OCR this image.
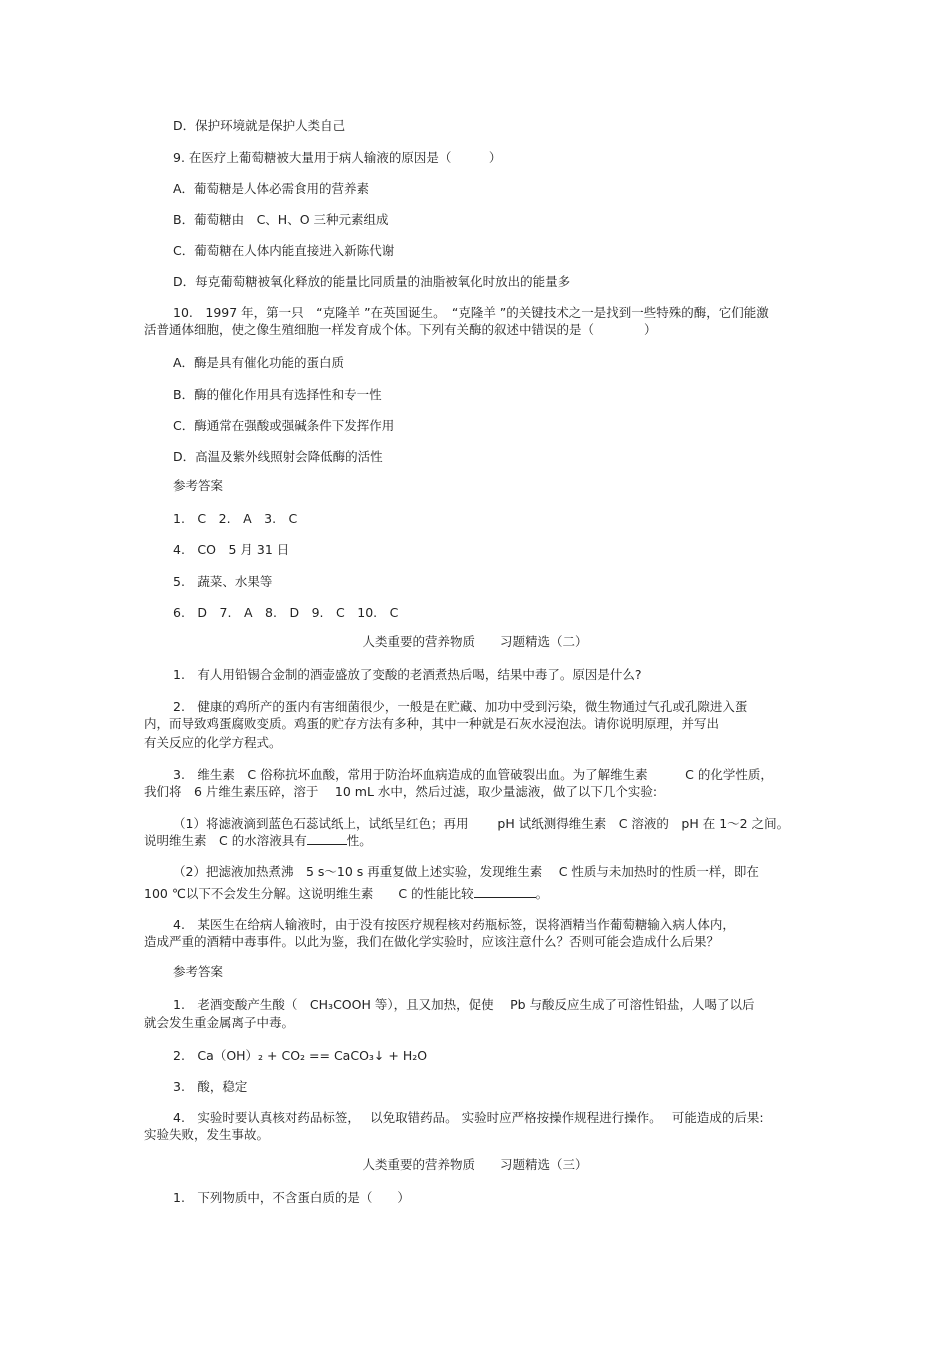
D．保护环境就是保护人类自己
9. 在医疗上葡萄糖被大量用于病人输液的原因是（　　　）
A．葡萄糖是人体必需食用的营养素
B．葡萄糖由　C、H、O 三种元素组成
C．葡萄糖在人体内能直接进入新陈代谢
D．每克葡萄糖被氧化释放的能量比同质量的油脂被氧化时放出的能量多
10.　1997 年，第一只　“克隆羊 ”在英国诞生。　“克隆羊 ”的关键技术之一是找到一些特殊的酶，它们能激
活普通体细胞，使之像生殖细胞一样发育成个体。下列有关酶的叙述中错误的是（　　　　）
A．酶是具有催化功能的蛋白质
B．酶的催化作用具有选择性和专一性
C．酶通常在强酸或强碱条件下发挥作用
D．高温及紫外线照射会降低酶的活性
参考答案
1.　C　2.　A　3.　C
4.　CO　5 月 31 日
5.　蔬菜、水果等
6.　D　7.　A　8.　D　9.　C　10.　C
人类重要的营养物质　　习题精选（二）
1.　有人用铅锡合金制的酒壶盛放了变酸的老酒煮热后喝，结果中毒了。原因是什么?
2.　健康的鸡所产的蛋内有害细菌很少，一般是在贮藏、加功中受到污染，微生物通过气孔或孔隙进入蛋
内，而导致鸡蛋腐败变质。鸡蛋的贮存方法有多种，其中一种就是石灰水浸泡法。请你说明原理，并写出
有关反应的化学方程式。
3.　维生素　C 俗称抗坏血酸，常用于防治坏血病造成的血管破裂出血。为了解维生素　　　C 的化学性质，
我们将　6 片维生素压碎，溶于　 10 mL 水中，然后过滤，取少量滤液，做了以下几个实验:
（1）将滤液滴到蓝色石蕊试纸上，试纸呈红色；再用　　 pH 试纸测得维生素　C 溶液的　pH 在 1～2 之间。
说明维生素　C 的水溶液具有	性。
（2）把滤液加热煮沸　5 s～10 s 再重复做上述实验，发现维生素　 C 性质与未加热时的性质一样，即在
100 ℃以下不会发生分解。这说明维生素　　C 的性能比较	。
4.　某医生在给病人输液时，由于没有按医疗规程核对药瓶标签，误将酒精当作葡萄糖输入病人体内，
造成严重的酒精中毒事件。以此为鉴，我们在做化学实验时，应该注意什么？否则可能会造成什么后果？
参考答案
1.　老酒变酸产生酸（　CH₃COOH 等），且又加热，促使　 Pb 与酸反应生成了可溶性铅盐，人喝了以后
就会发生重金属离子中毒。
2.　Ca（OH）₂ + CO₂ == CaCO₃↓ + H₂O
3.　酸，稳定
4.　实验时要认真核对药品标签，　 以免取错药品。 实验时应严格按操作规程进行操作。　 可能造成的后果:
实验失败，发生事故。
人类重要的营养物质　　习题精选（三）
1.　下列物质中，不含蛋白质的是（　　）
